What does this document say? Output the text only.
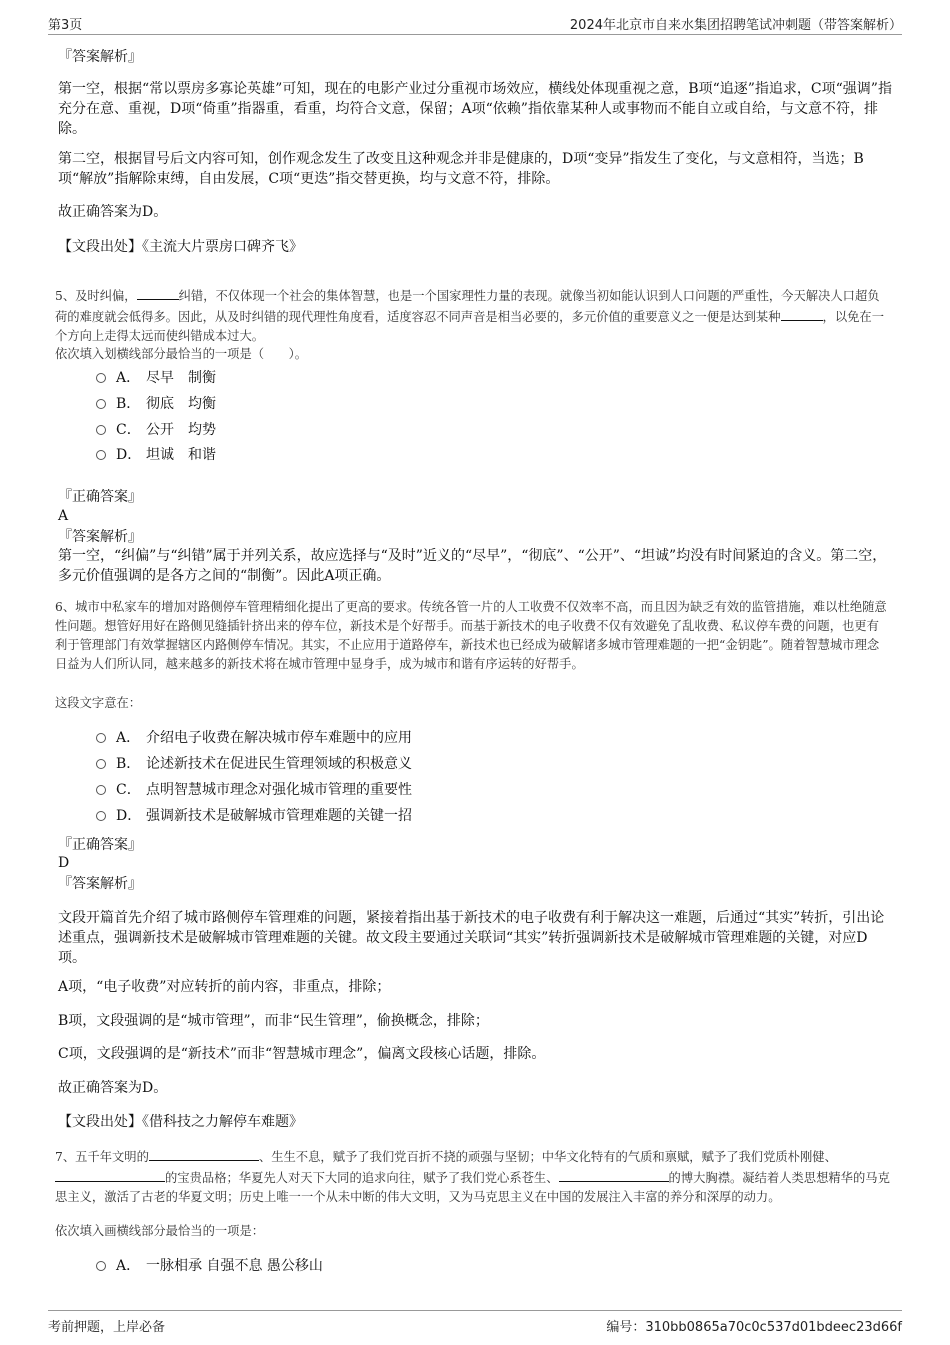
第3页	2024年北京市自来水集团招聘笔试冲刺题（带答案解析）
『答案解析』
第一空，根据“常以票房多寡论英雄”可知，现在的电影产业过分重视市场效应，横线处体现重视之意，B项“追逐”指追求，C项“强调”指充分在意、重视，D项“倚重”指器重，看重，均符合文意，保留；A项“依赖”指依靠某种人或事物而不能自立或自给，与文意不符，排除。
第二空，根据冒号后文内容可知，创作观念发生了改变且这种观念并非是健康的，D项“变异”指发生了变化，与文意相符，当选；B项“解放”指解除束缚，自由发展，C项“更迭”指交替更换，均与文意不符，排除。
故正确答案为D。
【文段出处】《主流大片票房口碑齐飞》
5、及时纠偏，	纠错，不仅体现一个社会的集体智慧，也是一个国家理性力量的表现。就像当初如能认识到人口问题的严重性，今天解决人口超负荷的难度就会低得多。因此，从及时纠错的现代理性角度看，适度容忍不同声音是相当必要的，多元价值的重要意义之一便是达到某种	，以免在一个方向上走得太远而使纠错成本过大。
依次填入划横线部分最恰当的一项是（　　）。
A． 尽早　制衡
B． 彻底　均衡
C． 公开　均势
D． 坦诚　和谐
『正确答案』
A
『答案解析』
第一空，“纠偏”与“纠错”属于并列关系，故应选择与“及时”近义的“尽早”，“彻底”、“公开”、“坦诚”均没有时间紧迫的含义。第二空，多元价值强调的是各方之间的“制衡”。因此A项正确。
6、城市中私家车的增加对路侧停车管理精细化提出了更高的要求。传统各管一片的人工收费不仅效率不高，而且因为缺乏有效的监管措施，难以杜绝随意性问题。想管好用好在路侧见缝插针挤出来的停车位，新技术是个好帮手。而基于新技术的电子收费不仅有效避免了乱收费、私议停车费的问题，也更有利于管理部门有效掌握辖区内路侧停车情况。其实，不止应用于道路停车，新技术也已经成为破解诸多城市管理难题的一把“金钥匙”。随着智慧城市理念日益为人们所认同，越来越多的新技术将在城市管理中显身手，成为城市和谐有序运转的好帮手。
这段文字意在：
A． 介绍电子收费在解决城市停车难题中的应用
B． 论述新技术在促进民生管理领域的积极意义
C． 点明智慧城市理念对强化城市管理的重要性
D． 强调新技术是破解城市管理难题的关键一招
『正确答案』
D
『答案解析』
文段开篇首先介绍了城市路侧停车管理难的问题，紧接着指出基于新技术的电子收费有利于解决这一难题，后通过“其实”转折，引出论述重点，强调新技术是破解城市管理难题的关键。故文段主要通过关联词“其实”转折强调新技术是破解城市管理难题的关键，对应D项。
A项，“电子收费”对应转折的前内容，非重点，排除；
B项，文段强调的是“城市管理”，而非“民生管理”，偷换概念，排除；
C项，文段强调的是“新技术”而非“智慧城市理念”，偏离文段核心话题，排除。
故正确答案为D。
【文段出处】《借科技之力解停车难题》
7、五千年文明的	、生生不息，赋予了我们党百折不挠的顽强与坚韧；中华文化特有的气质和禀赋，赋予了我们党质朴刚健、的宝贵品格；华夏先人对天下大同的追求向往，赋予了我们党心系苍生、	的博大胸襟。凝结着人类思想精华的马克思主义，激活了古老的华夏文明；历史上唯一一个从未中断的伟大文明，又为马克思主义在中国的发展注入丰富的养分和深厚的动力。
依次填入画横线部分最恰当的一项是：
A． 一脉相承 自强不息 愚公移山
考前押题，上岸必备	编号：310bb0865a70c0c537d01bdeec23d66f
